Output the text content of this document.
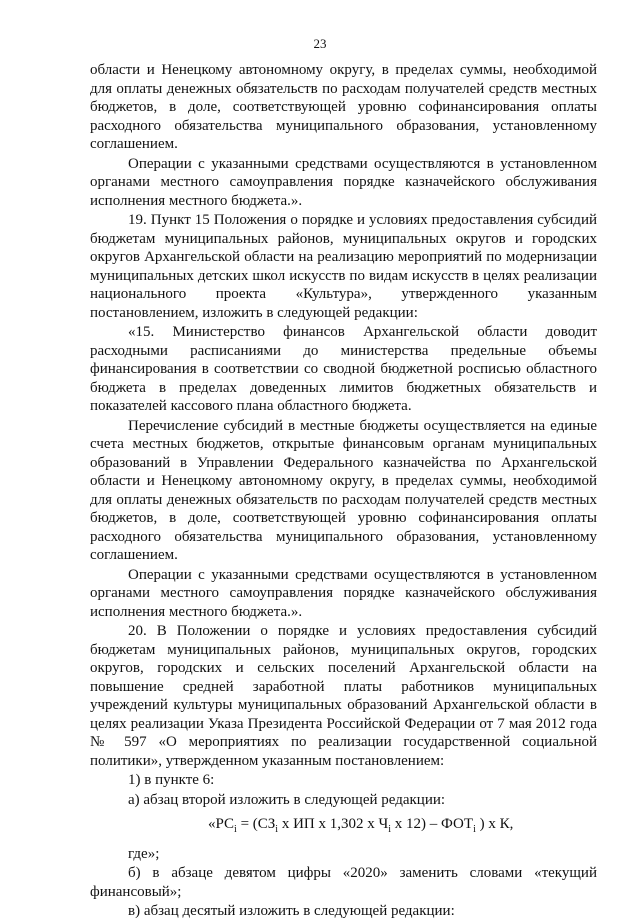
23

области и Ненецкому автономному округу, в пределах суммы, необходимой для оплаты денежных обязательств по расходам получателей средств местных бюджетов, в доле, соответствующей уровню софинансирования оплаты расходного обязательства муниципального образования, установленному соглашением.

Операции с указанными средствами осуществляются в установленном органами местного самоуправления порядке казначейского обслуживания исполнения местного бюджета.».

19. Пункт 15 Положения о порядке и условиях предоставления субсидий бюджетам муниципальных районов, муниципальных округов и городских округов Архангельской области на реализацию мероприятий по модернизации муниципальных детских школ искусств по видам искусств в целях реализации национального проекта «Культура», утвержденного указанным постановлением, изложить в следующей редакции:

«15. Министерство финансов Архангельской области доводит расходными расписаниями до министерства предельные объемы финансирования в соответствии со сводной бюджетной росписью областного бюджета в пределах доведенных лимитов бюджетных обязательств и показателей кассового плана областного бюджета.

Перечисление субсидий в местные бюджеты осуществляется на единые счета местных бюджетов, открытые финансовым органам муниципальных образований в Управлении Федерального казначейства по Архангельской области и Ненецкому автономному округу, в пределах суммы, необходимой для оплаты денежных обязательств по расходам получателей средств местных бюджетов, в доле, соответствующей уровню софинансирования оплаты расходного обязательства муниципального образования, установленному соглашением.

Операции с указанными средствами осуществляются в установленном органами местного самоуправления порядке казначейского обслуживания исполнения местного бюджета.».

20. В Положении о порядке и условиях предоставления субсидий бюджетам муниципальных районов, муниципальных округов, городских округов, городских и сельских поселений Архангельской области на повышение средней заработной платы работников муниципальных учреждений культуры муниципальных образований Архангельской области в целях реализации Указа Президента Российской Федерации от 7 мая 2012 года № 597 «О мероприятиях по реализации государственной социальной политики», утвержденном указанным постановлением:

1) в пункте 6:

а) абзац второй изложить в следующей редакции:

«$РС_i = (СЗ_i$ х ИП х 1,302 х $Ч_i$ х $12) - ФОТ_i$ ) х К,

где»;

б) в абзаце девятом цифры «2020» заменить словами «текущий финансовый»;

в) абзац десятый изложить в следующей редакции:
